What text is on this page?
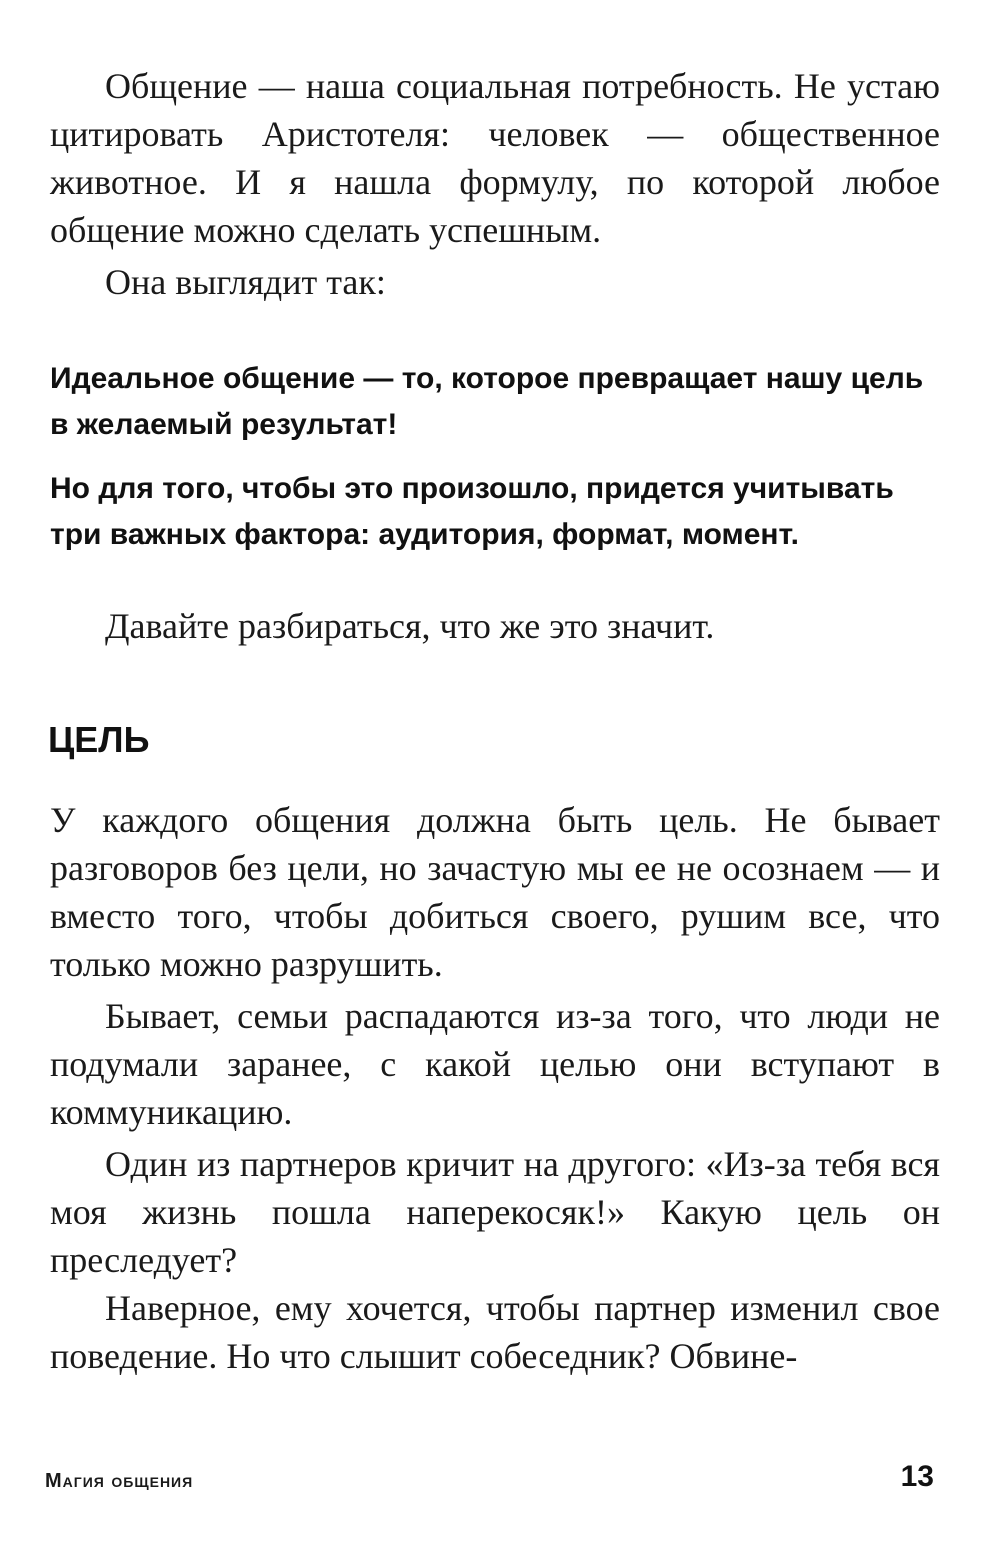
Общение — наша социальная потребность. Не устаю цитировать Аристотеля: человек — общественное животное. И я нашла формулу, по которой любое общение можно сделать успешным.

Она выглядит так:

Идеальное общение — то, которое превращает нашу цель в желаемый результат!

Но для того, чтобы это произошло, придется учитывать три важных фактора: аудитория, формат, момент.

Давайте разбираться, что же это значит.

ЦЕЛЬ

У каждого общения должна быть цель. Не бывает разговоров без цели, но зачастую мы ее не осознаем — и вместо того, чтобы добиться своего, рушим все, что только можно разрушить.

Бывает, семьи распадаются из-за того, что люди не подумали заранее, с какой целью они вступают в коммуникацию.

Один из партнеров кричит на другого: «Из-за тебя вся моя жизнь пошла наперекосяк!» Какую цель он преследует?

Наверное, ему хочется, чтобы партнер изменил свое поведение. Но что слышит собеседник? Обвине-

Магия общения	13
